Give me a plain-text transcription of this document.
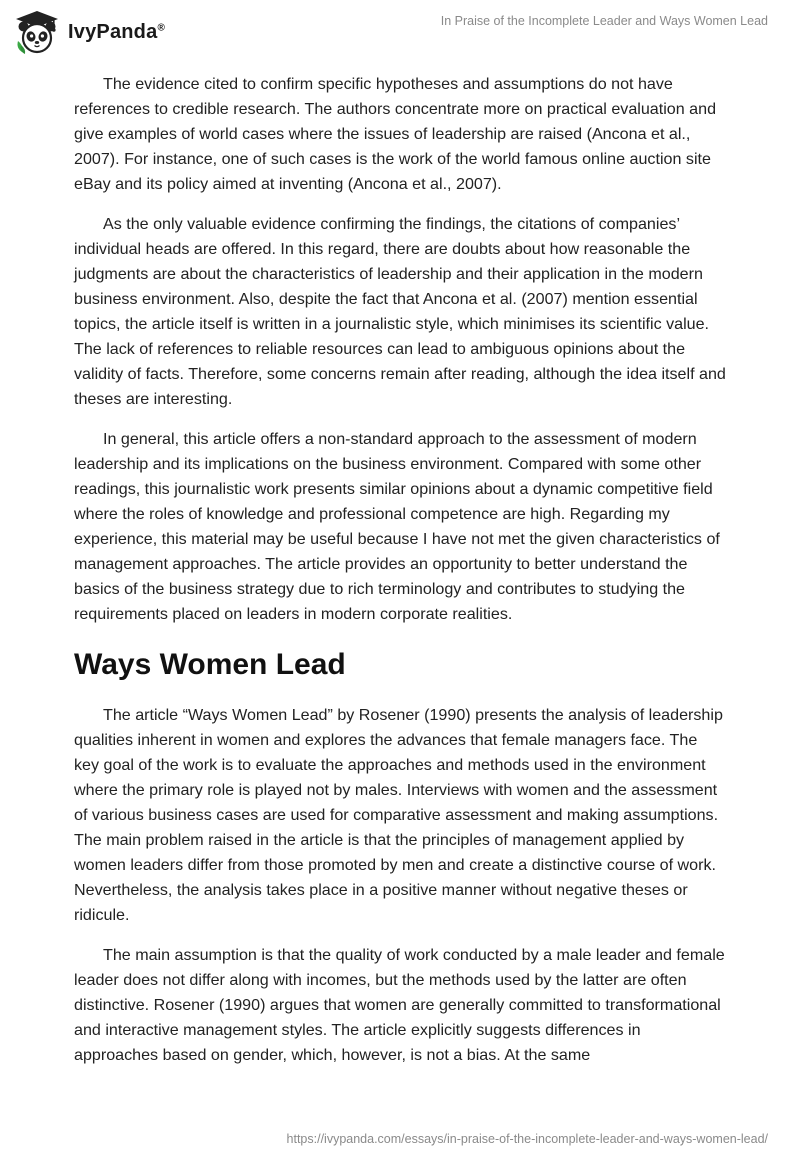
IvyPanda®	In Praise of the Incomplete Leader and Ways Women Lead

The evidence cited to confirm specific hypotheses and assumptions do not have references to credible research. The authors concentrate more on practical evaluation and give examples of world cases where the issues of leadership are raised (Ancona et al., 2007). For instance, one of such cases is the work of the world famous online auction site eBay and its policy aimed at inventing (Ancona et al., 2007).

As the only valuable evidence confirming the findings, the citations of companies’ individual heads are offered. In this regard, there are doubts about how reasonable the judgments are about the characteristics of leadership and their application in the modern business environment. Also, despite the fact that Ancona et al. (2007) mention essential topics, the article itself is written in a journalistic style, which minimises its scientific value. The lack of references to reliable resources can lead to ambiguous opinions about the validity of facts. Therefore, some concerns remain after reading, although the idea itself and theses are interesting.

In general, this article offers a non-standard approach to the assessment of modern leadership and its implications on the business environment. Compared with some other readings, this journalistic work presents similar opinions about a dynamic competitive field where the roles of knowledge and professional competence are high. Regarding my experience, this material may be useful because I have not met the given characteristics of management approaches. The article provides an opportunity to better understand the basics of the business strategy due to rich terminology and contributes to studying the requirements placed on leaders in modern corporate realities.

Ways Women Lead

The article “Ways Women Lead” by Rosener (1990) presents the analysis of leadership qualities inherent in women and explores the advances that female managers face. The key goal of the work is to evaluate the approaches and methods used in the environment where the primary role is played not by males. Interviews with women and the assessment of various business cases are used for comparative assessment and making assumptions. The main problem raised in the article is that the principles of management applied by women leaders differ from those promoted by men and create a distinctive course of work. Nevertheless, the analysis takes place in a positive manner without negative theses or ridicule.

The main assumption is that the quality of work conducted by a male leader and female leader does not differ along with incomes, but the methods used by the latter are often distinctive. Rosener (1990) argues that women are generally committed to transformational and interactive management styles. The article explicitly suggests differences in approaches based on gender, which, however, is not a bias. At the same

https://ivypanda.com/essays/in-praise-of-the-incomplete-leader-and-ways-women-lead/
